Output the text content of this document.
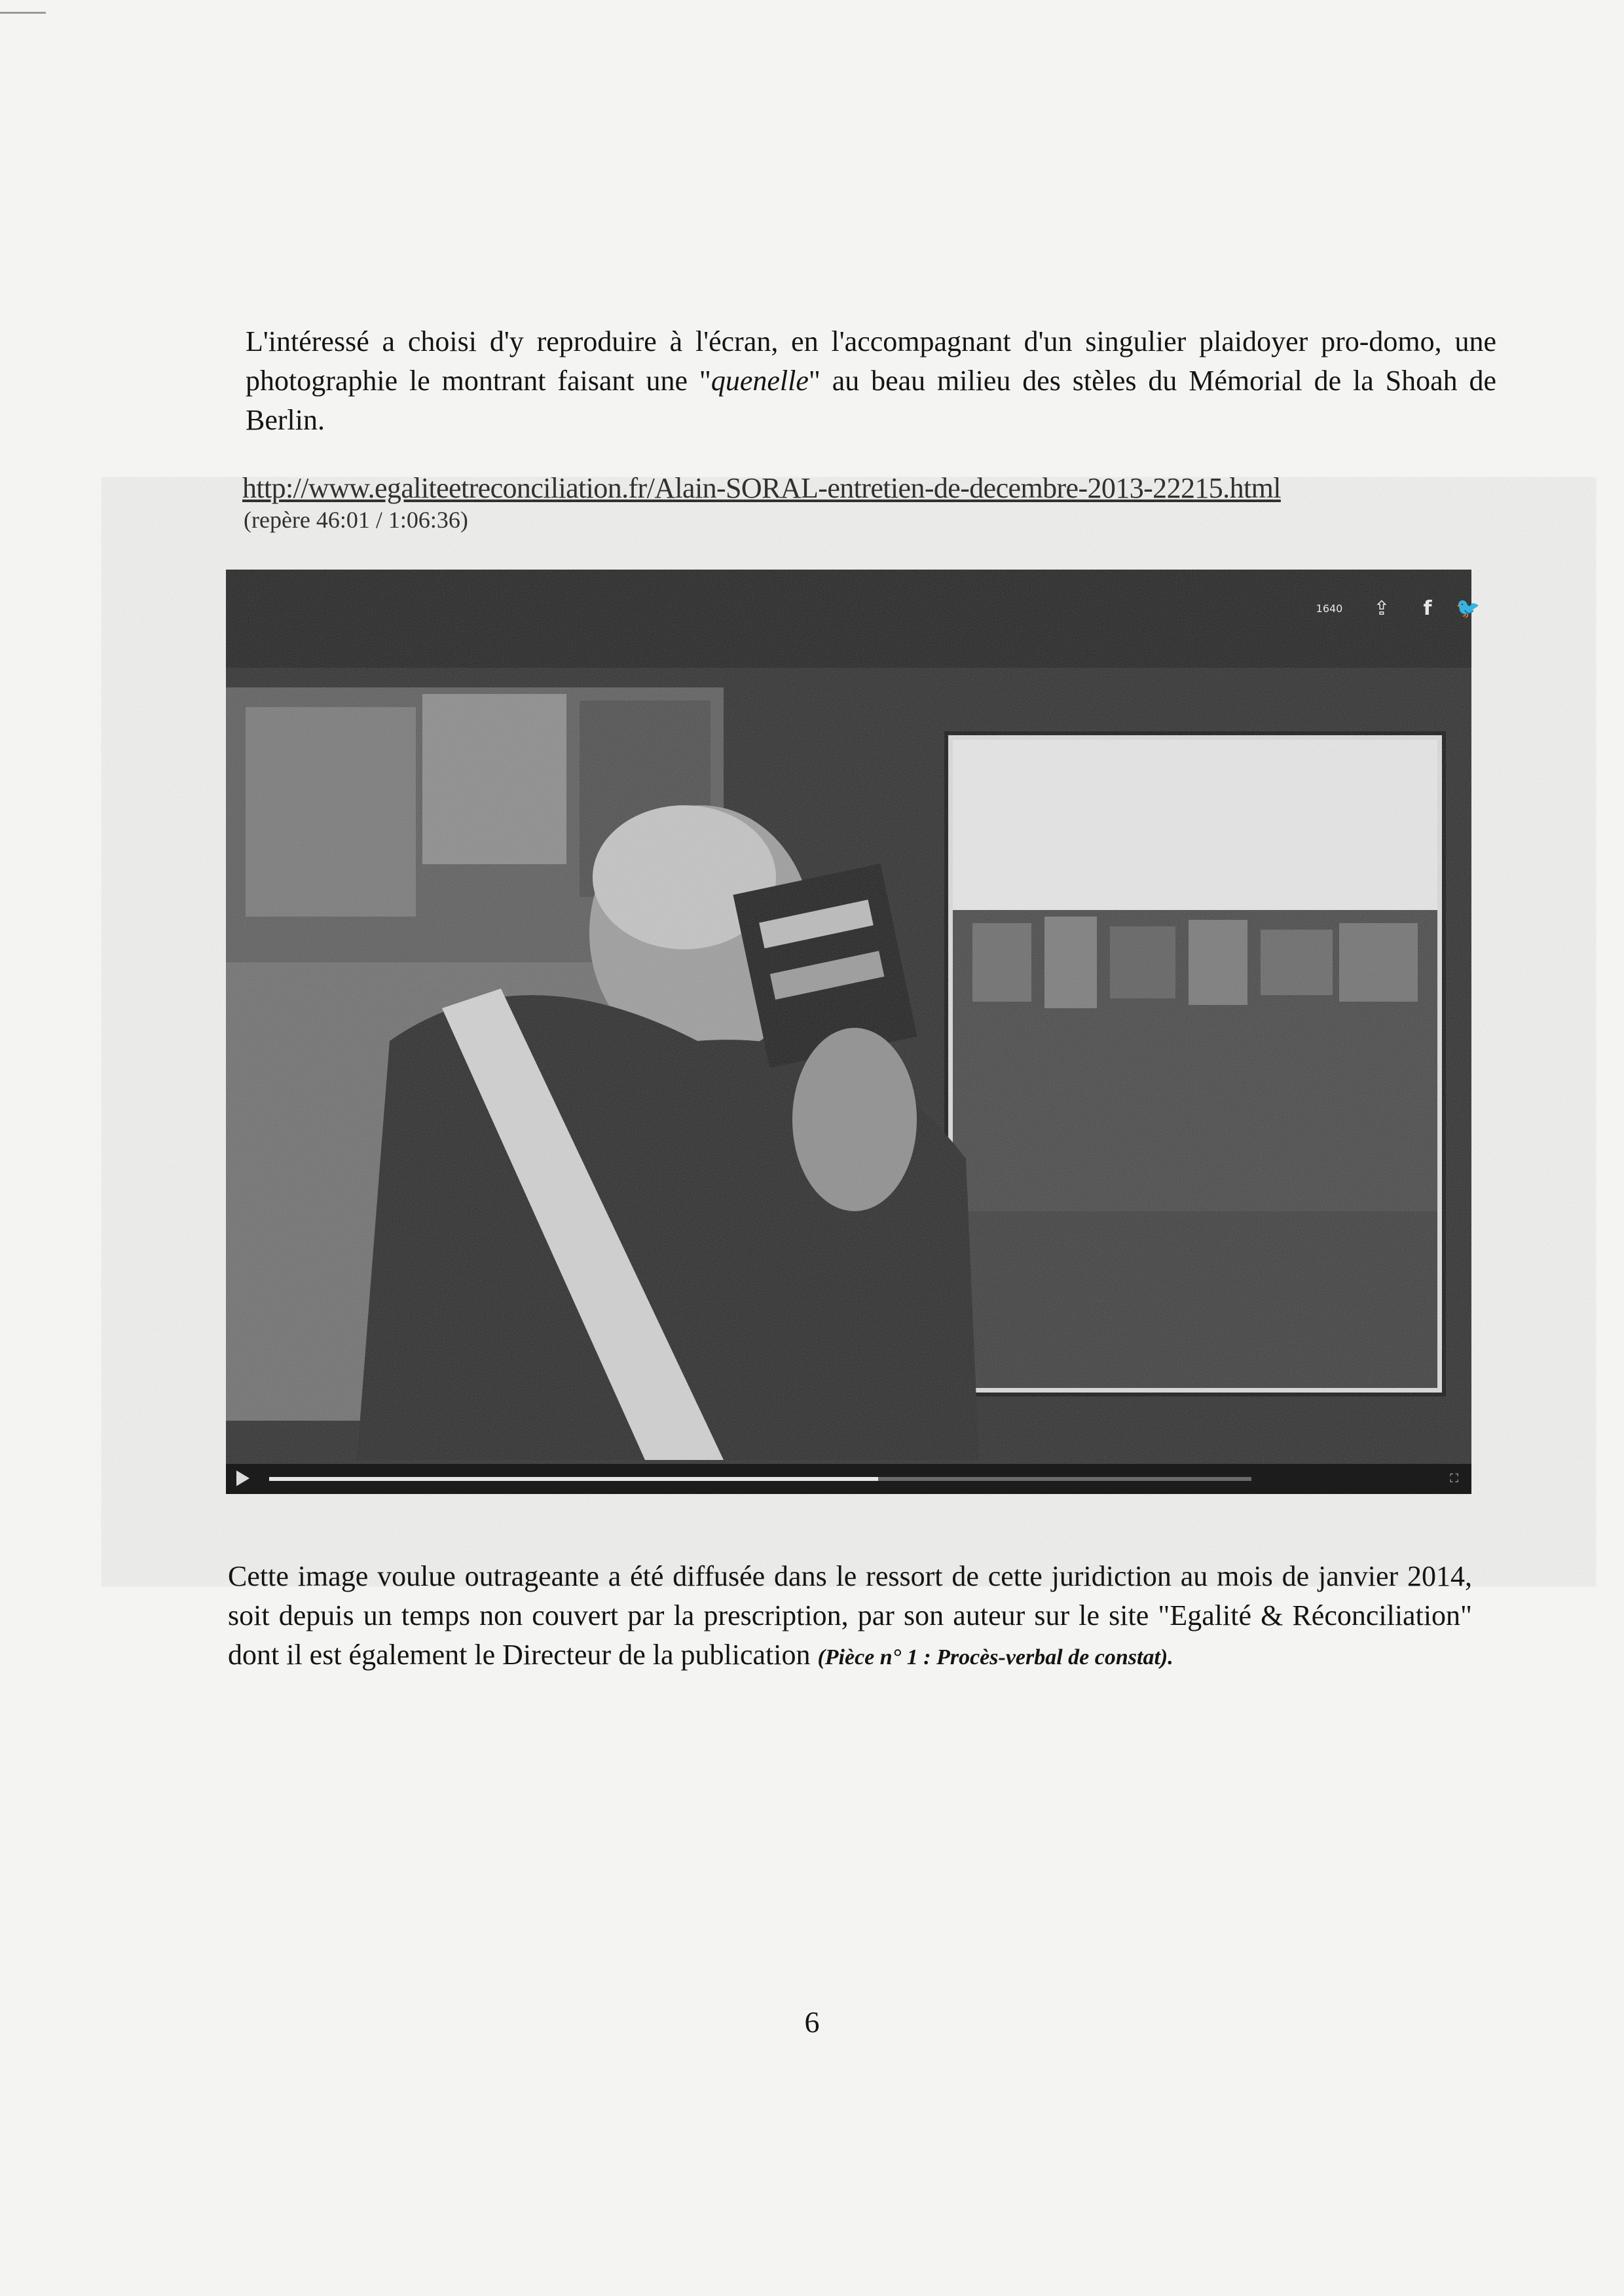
L'intéressé a choisi d'y reproduire à l'écran, en l'accompagnant d'un singulier plaidoyer pro-domo, une photographie le montrant faisant une "quenelle" au beau milieu des stèles du Mémorial de la Shoah de Berlin.

http://www.egaliteetreconciliation.fr/Alain-SORAL-entretien-de-decembre-2013-22215.html
(repère 46:01 / 1:06:36)
1640	⇪	f 🐦
⛶

Cette image voulue outrageante a été diffusée dans le ressort de cette juridiction au mois de janvier 2014, soit depuis un temps non couvert par la prescription, par son auteur sur le site "Egalité & Réconciliation" dont il est également le Directeur de la publication (Pièce n° 1 : Procès-verbal de constat).

6
